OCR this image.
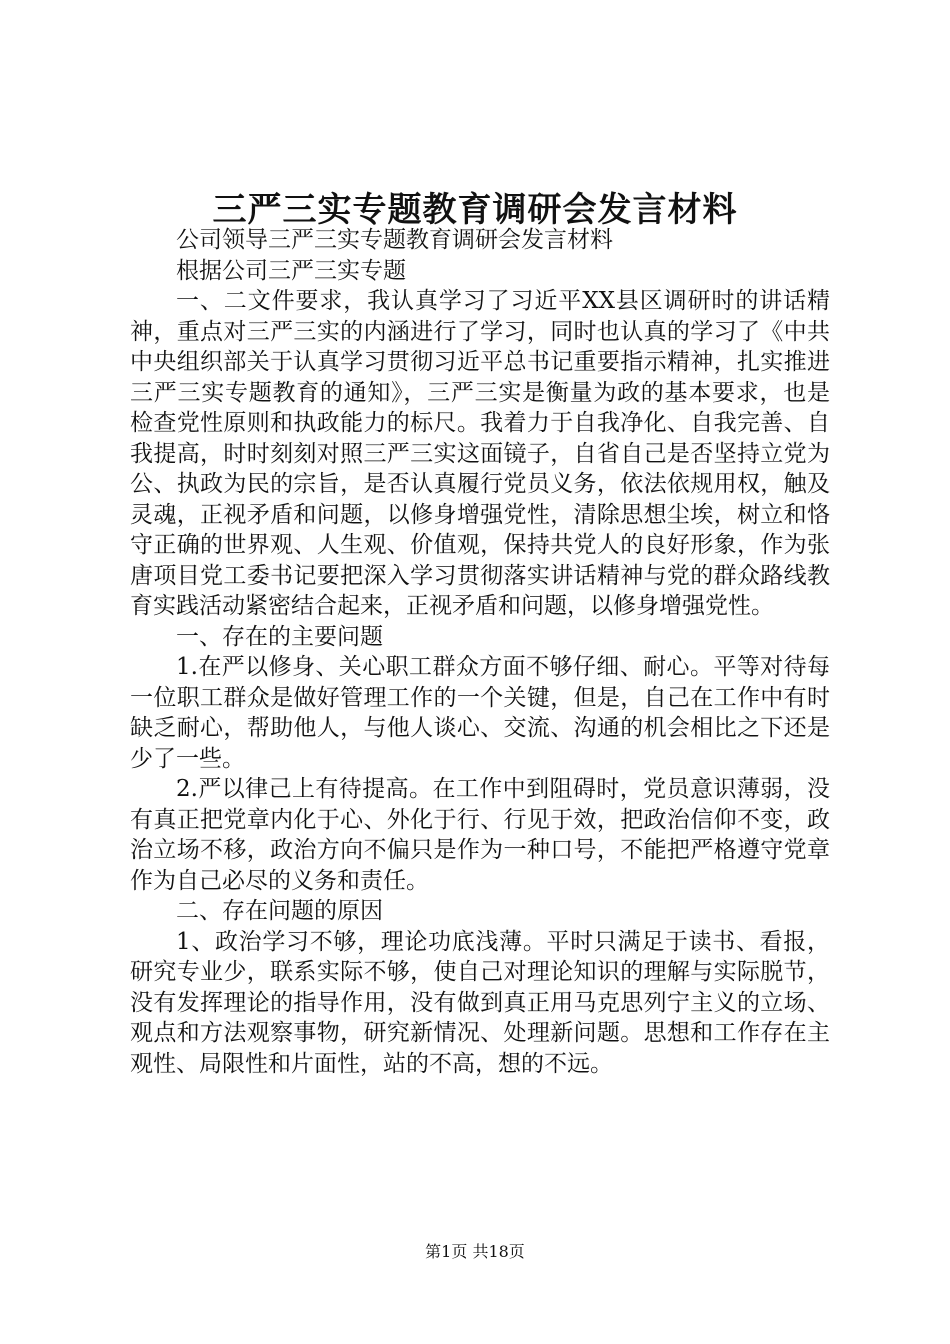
三严三实专题教育调研会发言材料

公司领导三严三实专题教育调研会发言材料

根据公司三严三实专题

一、二文件要求，我认真学习了习近平XX县区调研时的讲话精神，重点对三严三实的内涵进行了学习，同时也认真的学习了《中共中央组织部关于认真学习贯彻习近平总书记重要指示精神，扎实推进三严三实专题教育的通知》，三严三实是衡量为政的基本要求，也是检查党性原则和执政能力的标尺。我着力于自我净化、自我完善、自我提高，时时刻刻对照三严三实这面镜子，自省自己是否坚持立党为公、执政为民的宗旨，是否认真履行党员义务，依法依规用权，触及灵魂，正视矛盾和问题，以修身增强党性，清除思想尘埃，树立和恪守正确的世界观、人生观、价值观，保持共党人的良好形象，作为张唐项目党工委书记要把深入学习贯彻落实讲话精神与党的群众路线教育实践活动紧密结合起来，正视矛盾和问题，以修身增强党性。

一、存在的主要问题

1.在严以修身、关心职工群众方面不够仔细、耐心。平等对待每一位职工群众是做好管理工作的一个关键，但是，自己在工作中有时缺乏耐心，帮助他人，与他人谈心、交流、沟通的机会相比之下还是少了一些。

2.严以律己上有待提高。在工作中到阻碍时，党员意识薄弱，没有真正把党章内化于心、外化于行、行见于效，把政治信仰不变，政治立场不移，政治方向不偏只是作为一种口号，不能把严格遵守党章作为自己必尽的义务和责任。

二、存在问题的原因

1、政治学习不够，理论功底浅薄。平时只满足于读书、看报，研究专业少，联系实际不够，使自己对理论知识的理解与实际脱节，没有发挥理论的指导作用，没有做到真正用马克思列宁主义的立场、观点和方法观察事物，研究新情况、处理新问题。思想和工作存在主观性、局限性和片面性，站的不高，想的不远。

第1页 共18页
